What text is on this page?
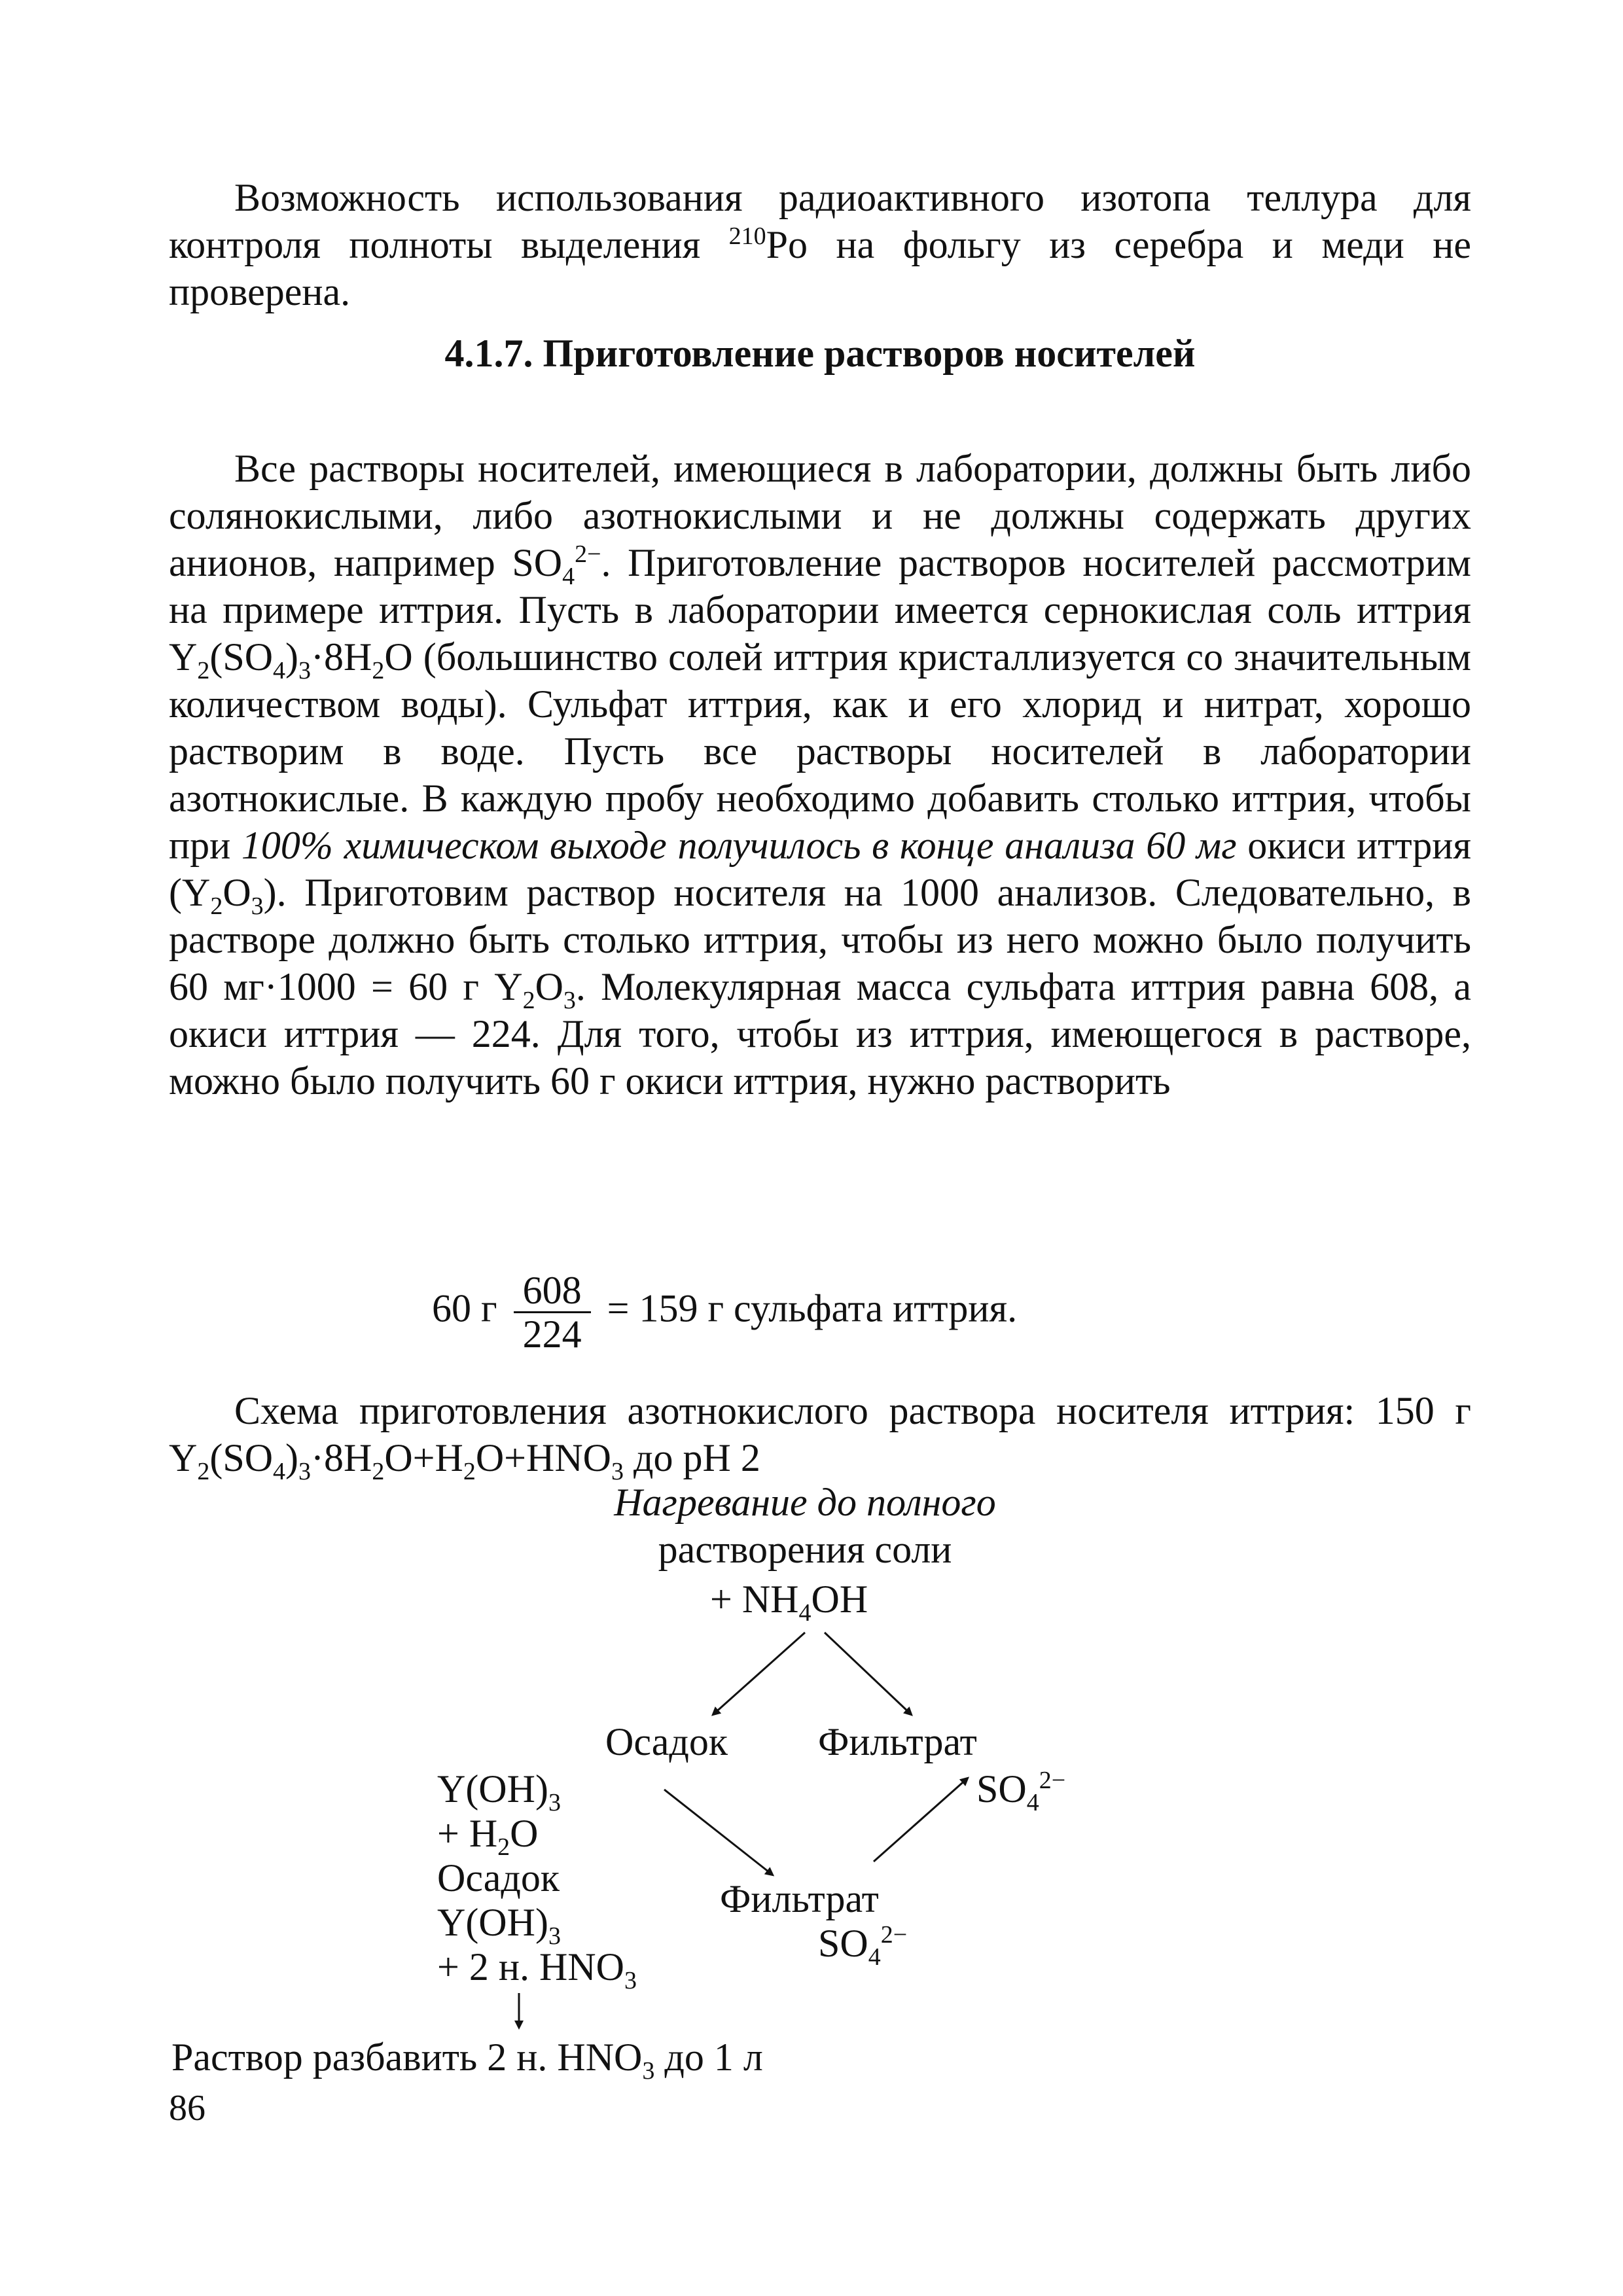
Возможность использования радиоактивного изотопа теллура для контроля полноты выделения $^{210}$Po на фольгу из серебра и меди не проверена.

4.1.7. Приготовление растворов носителей

Все растворы носителей, имеющиеся в лаборатории, должны быть либо солянокислыми, либо азотнокислыми и не должны содержать других анионов, например $SO_4^{2-}$. Приготовление растворов носителей рассмотрим на примере иттрия. Пусть в лаборатории имеется сернокислая соль иттрия $Y_2(SO_4)_3\cdot 8H_2O$ (большинство солей иттрия кристаллизуется со значительным количеством воды). Сульфат иттрия, как и его хлорид и нитрат, хорошо растворим в воде. Пусть все растворы носителей в лаборатории азотнокислые. В каждую пробу необходимо добавить столько иттрия, чтобы при 100% химическом выходе получилось в конце анализа 60 мг окиси иттрия $(Y_2O_3)$. Приготовим раствор носителя на 1000 анализов. Следовательно, в растворе должно быть столько иттрия, чтобы из него можно было получить 60 мг·1000 = 60 г $Y_2O_3$. Молекулярная масса сульфата иттрия равна 608, а окиси иттрия — 224. Для того, чтобы из иттрия, имеющегося в растворе, можно было получить 60 г окиси иттрия, нужно растворить

60 г $\frac{608}{224} = 159$ г сульфата иттрия.

Схема приготовления азотнокислого раствора носителя иттрия: 150 г $Y_2(SO_4)_3\cdot 8H_2O+H_2O+HNO_3$ до pH 2

Нагревание до полного
растворения соли
+ $NH_4OH$
Осадок Фильтрат
$Y(OH)_3$	$SO_4^{2-}$
+ $H_2O$
Осадок	Фильтрат
$Y(OH)_3$	$SO_4^{2-}$
+ 2 н. $HNO_3$
Раствор разбавить 2 н. $HNO_3$ до 1 л
86
